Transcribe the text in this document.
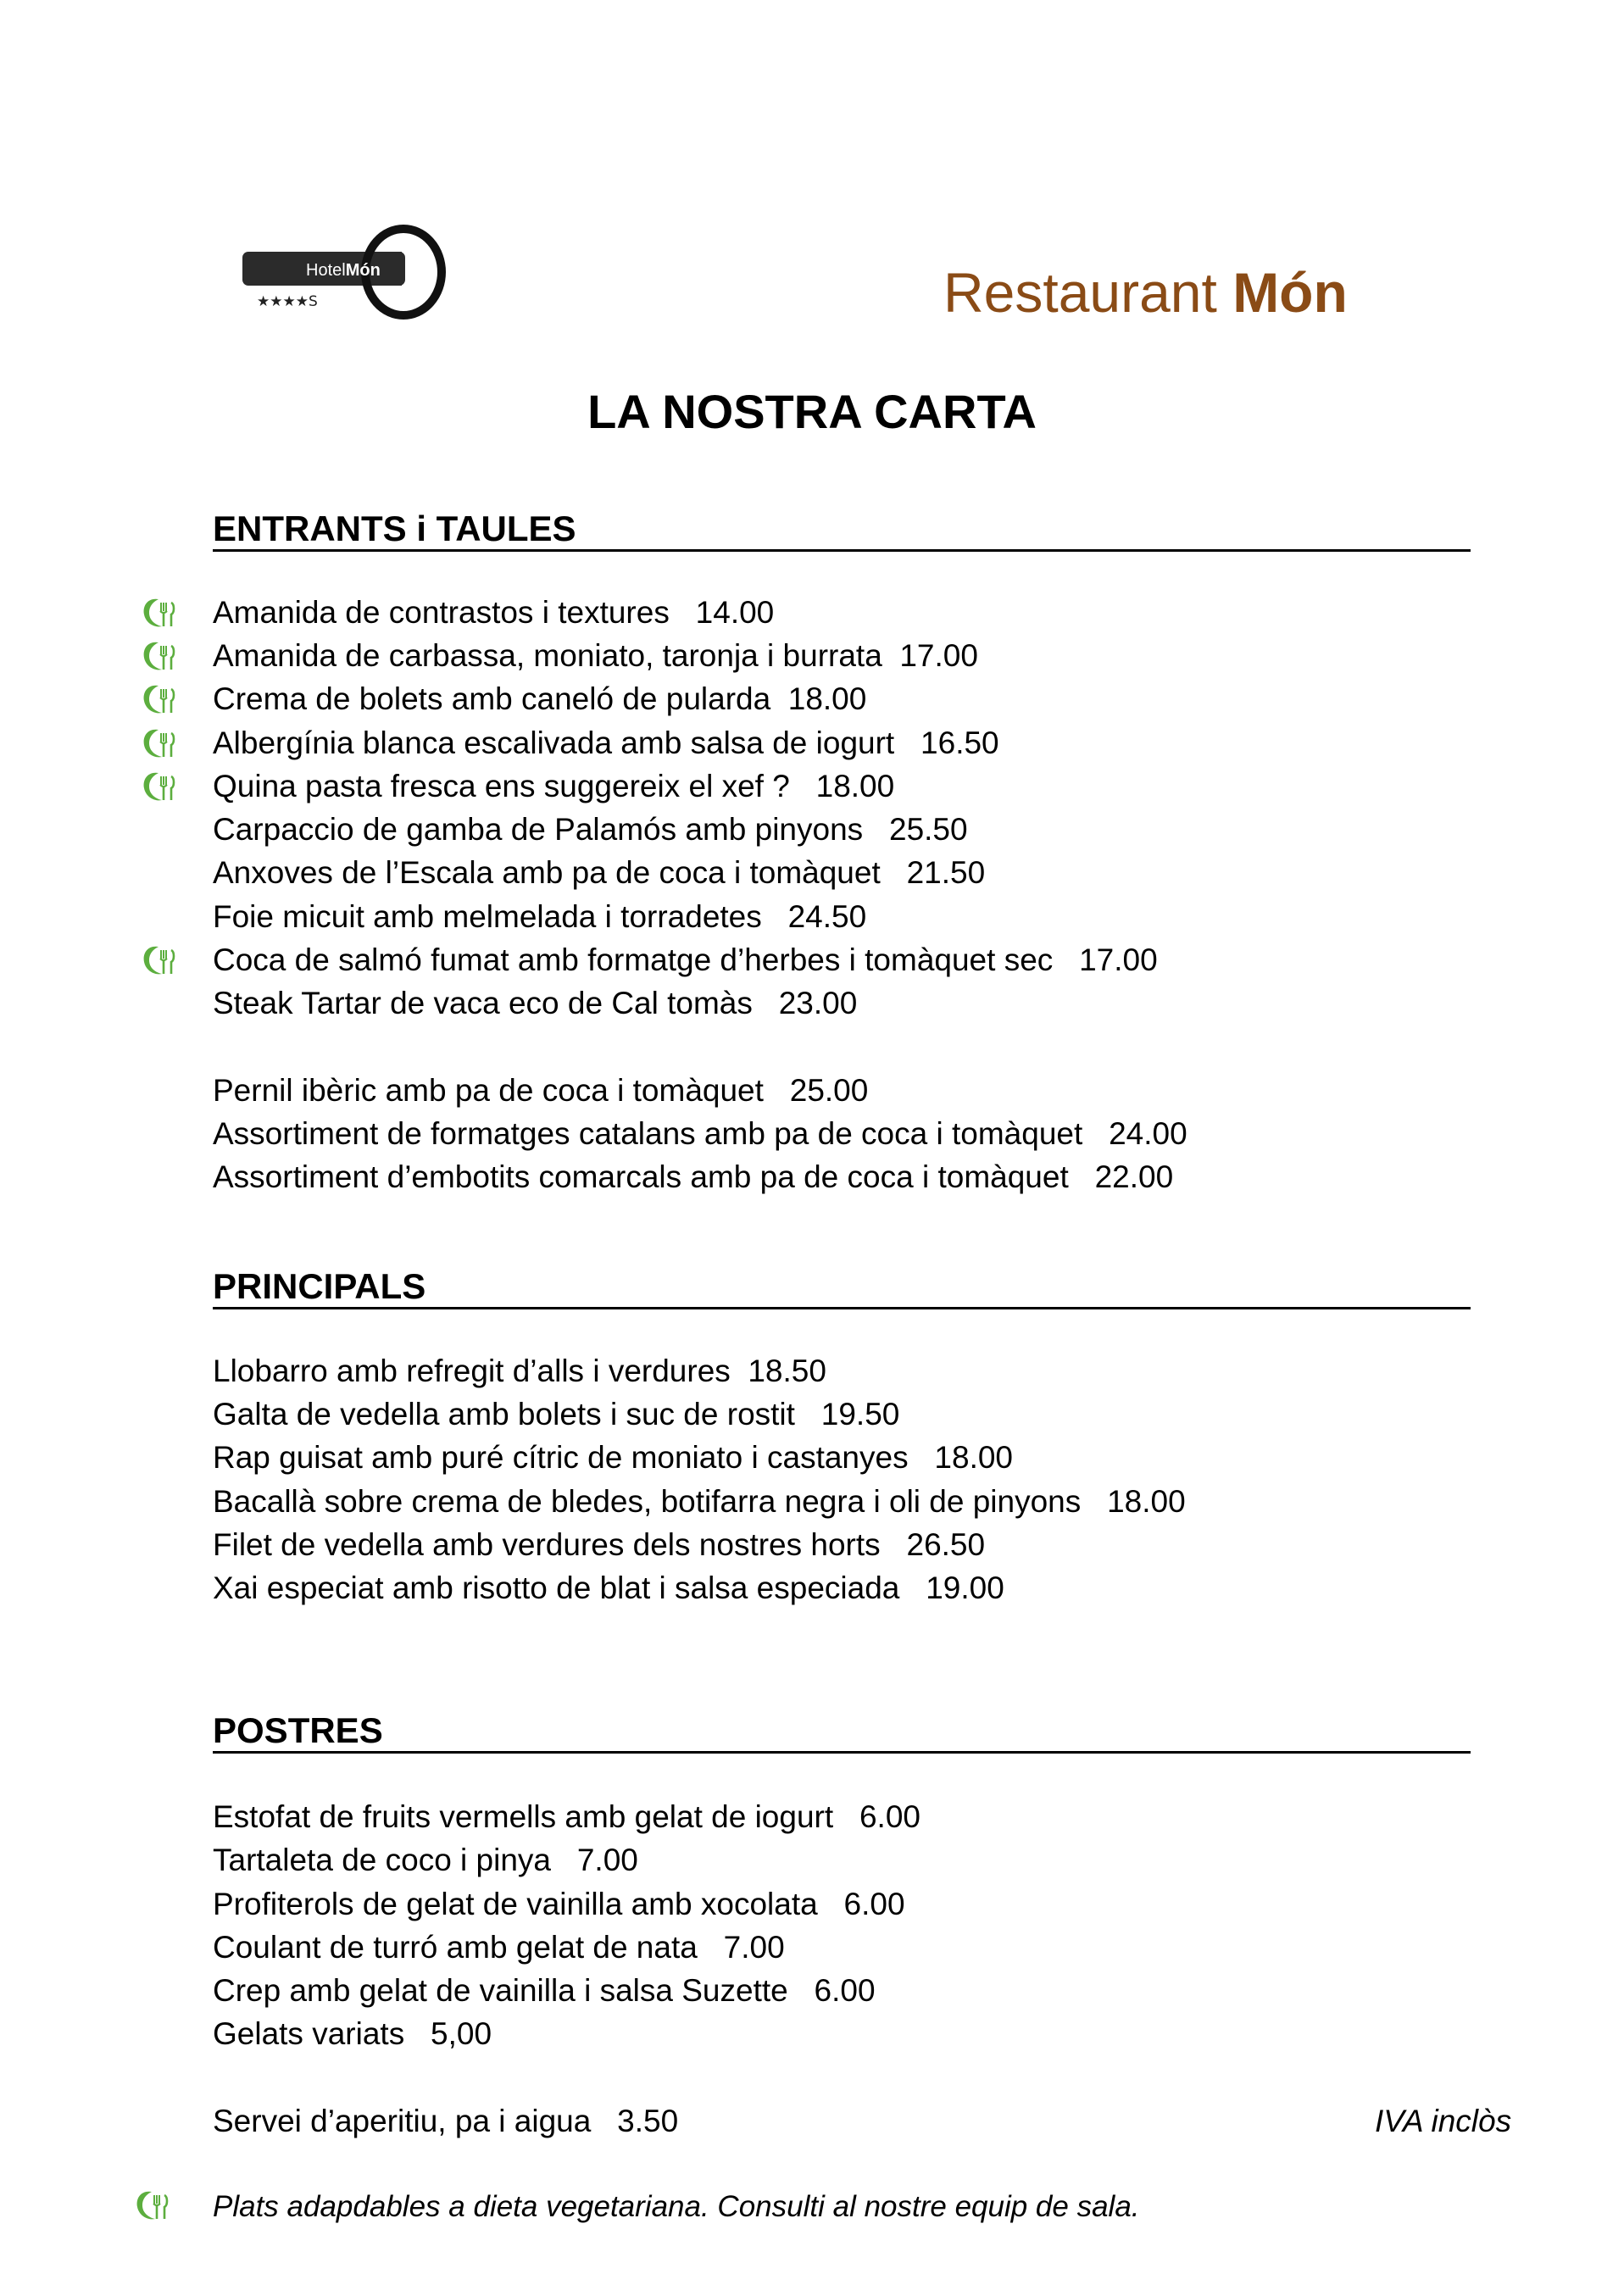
HotelMón
★★★★S	Restaurant Món
LA NOSTRA CARTA
ENTRANTS i TAULES
Amanida de contrastos i textures   14.00
Amanida de carbassa, moniato, taronja i burrata  17.00
Crema de bolets amb caneló de pularda  18.00
Albergínia blanca escalivada amb salsa de iogurt   16.50
Quina pasta fresca ens suggereix el xef ?   18.00
Carpaccio de gamba de Palamós amb pinyons   25.50
Anxoves de l’Escala amb pa de coca i tomàquet   21.50
Foie micuit amb melmelada i torradetes   24.50
Coca de salmó fumat amb formatge d’herbes i tomàquet sec   17.00
Steak Tartar de vaca eco de Cal tomàs   23.00
Pernil ibèric amb pa de coca i tomàquet   25.00
Assortiment de formatges catalans amb pa de coca i tomàquet   24.00
Assortiment d’embotits comarcals amb pa de coca i tomàquet   22.00
PRINCIPALS
Llobarro amb refregit d’alls i verdures  18.50
Galta de vedella amb bolets i suc de rostit   19.50
Rap guisat amb puré cítric de moniato i castanyes   18.00
Bacallà sobre crema de bledes, botifarra negra i oli de pinyons   18.00
Filet de vedella amb verdures dels nostres horts   26.50
Xai especiat amb risotto de blat i salsa especiada   19.00
POSTRES
Estofat de fruits vermells amb gelat de iogurt   6.00
Tartaleta de coco i pinya   7.00
Profiterols de gelat de vainilla amb xocolata   6.00
Coulant de turró amb gelat de nata   7.00
Crep amb gelat de vainilla i salsa Suzette   6.00
Gelats variats   5,00
Servei d’aperitiu, pa i aigua   3.50	IVA inclòs
Plats adapdables a dieta vegetariana. Consulti al nostre equip de sala.
